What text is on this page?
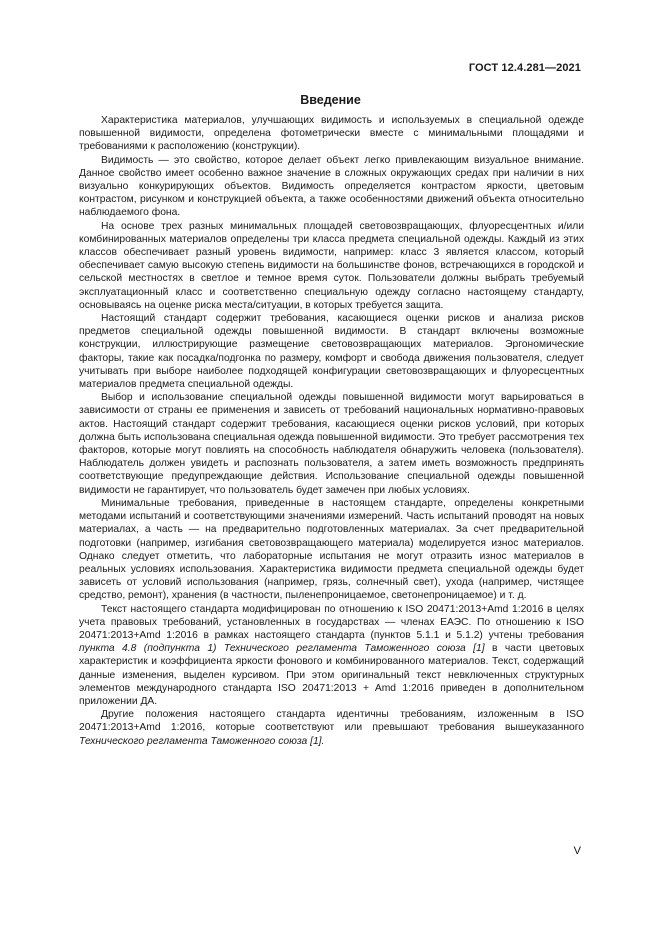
ГОСТ 12.4.281—2021
Введение

Характеристика материалов, улучшающих видимость и используемых в специальной одежде повышенной видимости, определена фотометрически вместе с минимальными площадями и требованиями к расположению (конструкции).

Видимость — это свойство, которое делает объект легко привлекающим визуальное внимание. Данное свойство имеет особенно важное значение в сложных окружающих средах при наличии в них визуально конкурирующих объектов. Видимость определяется контрастом яркости, цветовым контрастом, рисунком и конструкцией объекта, а также особенностями движений объекта относительно наблюдаемого фона.

На основе трех разных минимальных площадей световозвращающих, флуоресцентных и/или комбинированных материалов определены три класса предмета специальной одежды. Каждый из этих классов обеспечивает разный уровень видимости, например: класс 3 является классом, который обеспечивает самую высокую степень видимости на большинстве фонов, встречающихся в городской и сельской местностях в светлое и темное время суток. Пользователи должны выбрать требуемый эксплуатационный класс и соответственно специальную одежду согласно настоящему стандарту, основываясь на оценке риска места/ситуации, в которых требуется защита.

Настоящий стандарт содержит требования, касающиеся оценки рисков и анализа рисков предметов специальной одежды повышенной видимости. В стандарт включены возможные конструкции, иллюстрирующие размещение световозвращающих материалов. Эргономические факторы, такие как посадка/подгонка по размеру, комфорт и свобода движения пользователя, следует учитывать при выборе наиболее подходящей конфигурации световозвращающих и флуоресцентных материалов предмета специальной одежды.

Выбор и использование специальной одежды повышенной видимости могут варьироваться в зависимости от страны ее применения и зависеть от требований национальных нормативно-правовых актов. Настоящий стандарт содержит требования, касающиеся оценки рисков условий, при которых должна быть использована специальная одежда повышенной видимости. Это требует рассмотрения тех факторов, которые могут повлиять на способность наблюдателя обнаружить человека (пользователя). Наблюдатель должен увидеть и распознать пользователя, а затем иметь возможность предпринять соответствующие предупреждающие действия. Использование специальной одежды повышенной видимости не гарантирует, что пользователь будет замечен при любых условиях.

Минимальные требования, приведенные в настоящем стандарте, определены конкретными методами испытаний и соответствующими значениями измерений. Часть испытаний проводят на новых материалах, а часть — на предварительно подготовленных материалах. За счет предварительной подготовки (например, изгибания световозвращающего материала) моделируется износ материалов. Однако следует отметить, что лабораторные испытания не могут отразить износ материалов в реальных условиях использования. Характеристика видимости предмета специальной одежды будет зависеть от условий использования (например, грязь, солнечный свет), ухода (например, чистящее средство, ремонт), хранения (в частности, пыленепроницаемое, светонепроницаемое) и т. д.

Текст настоящего стандарта модифицирован по отношению к ISO 20471:2013+Amd 1:2016 в целях учета правовых требований, установленных в государствах — членах ЕАЭС. По отношению к ISO 20471:2013+Amd 1:2016 в рамках настоящего стандарта (пунктов 5.1.1 и 5.1.2) учтены требования пункта 4.8 (подпункта 1) Технического регламента Таможенного союза [1] в части цветовых характеристик и коэффициента яркости фонового и комбинированного материалов. Текст, содержащий данные изменения, выделен курсивом. При этом оригинальный текст невключенных структурных элементов международного стандарта ISO 20471:2013 + Amd 1:2016 приведен в дополнительном приложении ДА.

Другие положения настоящего стандарта идентичны требованиям, изложенным в ISO 20471:2013+Amd 1:2016, которые соответствуют или превышают требования вышеуказанного Технического регламента Таможенного союза [1].

V
